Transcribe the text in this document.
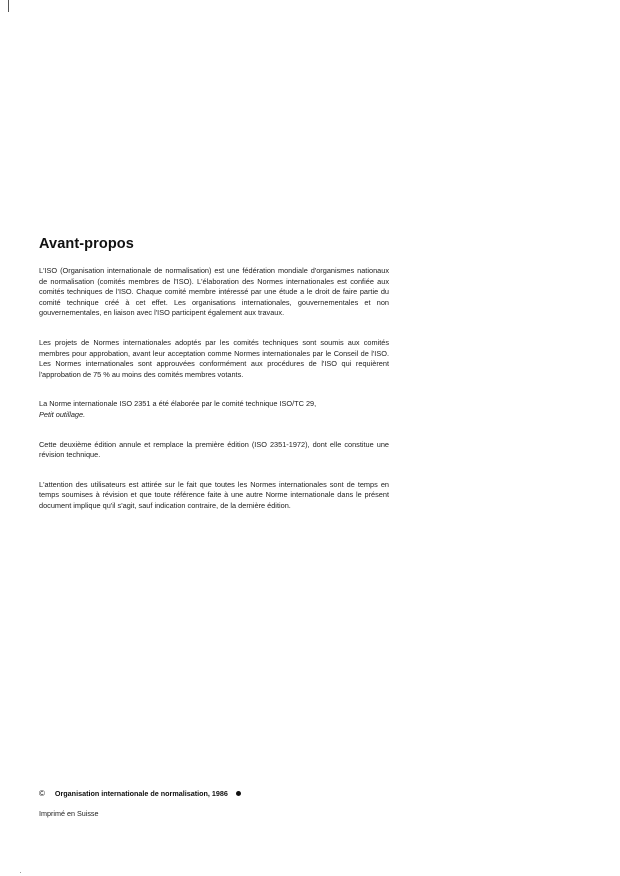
Avant-propos

L'ISO (Organisation internationale de normalisation) est une fédération mondiale d'organismes nationaux de normalisation (comités membres de l'ISO). L'élaboration des Normes internationales est confiée aux comités techniques de l'ISO. Chaque comité membre intéressé par une étude a le droit de faire partie du comité technique créé à cet effet. Les organisations internationales, gouvernementales et non gouvernementales, en liaison avec l'ISO participent également aux travaux.

Les projets de Normes internationales adoptés par les comités techniques sont soumis aux comités membres pour approbation, avant leur acceptation comme Normes internationales par le Conseil de l'ISO. Les Normes internationales sont approuvées conformément aux procédures de l'ISO qui requièrent l'approbation de 75 % au moins des comités membres votants.

La Norme internationale ISO 2351 a été élaborée par le comité technique ISO/TC 29,
Petit outillage.

Cette deuxième édition annule et remplace la première édition (ISO 2351-1972), dont elle constitue une révision technique.

L'attention des utilisateurs est attirée sur le fait que toutes les Normes internationales sont de temps en temps soumises à révision et que toute référence faite à une autre Norme internationale dans le présent document implique qu'il s'agit, sauf indication contraire, de la dernière édition.

© Organisation internationale de normalisation, 1986
Imprimé en Suisse
